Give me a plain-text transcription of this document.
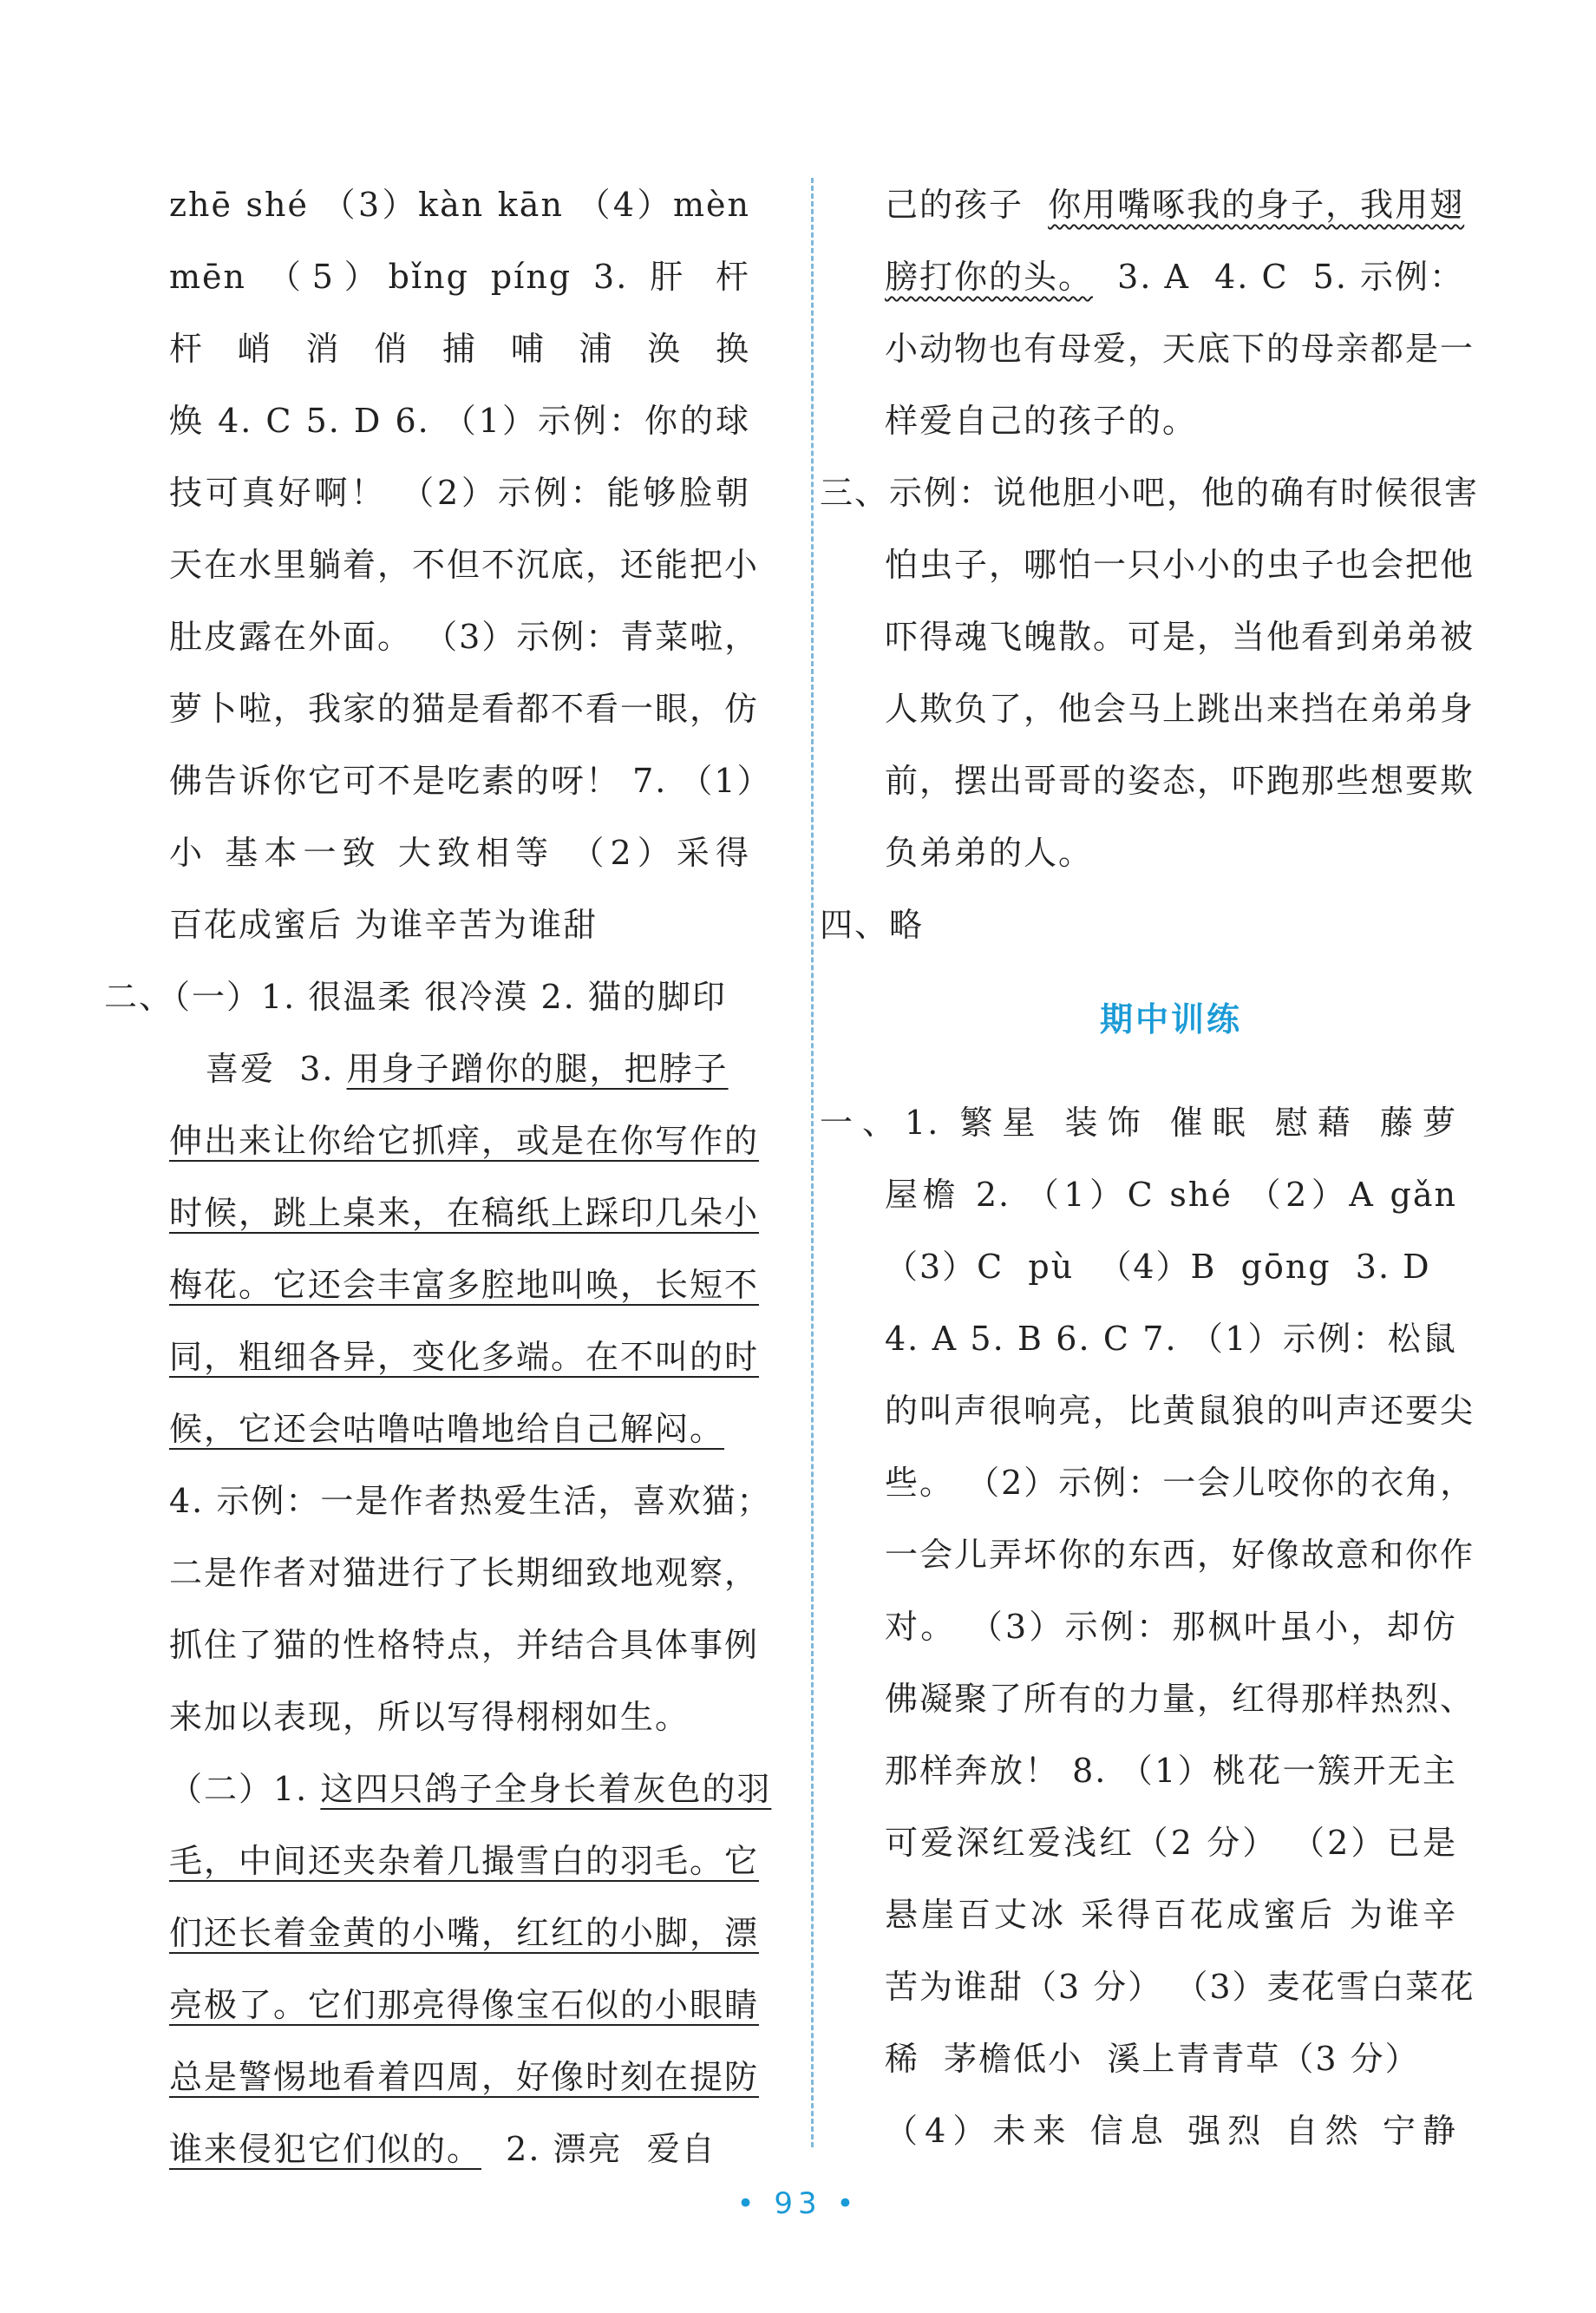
zhē shé （3）kàn kān （4）mèn
mēn （5）bǐng píng 3. 肝 杆
杆 峭 消 俏 捕 哺 浦 涣 换
焕 4. C 5. D 6. （1）示例：你的球
技可真好啊！ （2）示例：能够脸朝
天在水里躺着，不但不沉底，还能把小
肚皮露在外面。 （3）示例：青菜啦，
萝卜啦，我家的猫是看都不看一眼，仿
佛告诉你它可不是吃素的呀！ 7. （1）
小 基本一致 大致相等 （2）采得
百花成蜜后 为谁辛苦为谁甜
二、（一）1. 很温柔 很冷漠 2. 猫的脚印
喜爱 3. 用身子蹭你的腿，把脖子
伸出来让你给它抓痒，或是在你写作的
时候，跳上桌来，在稿纸上踩印几朵小
梅花。它还会丰富多腔地叫唤，长短不
同，粗细各异，变化多端。在不叫的时
候，它还会咕噜咕噜地给自己解闷。
4. 示例：一是作者热爱生活，喜欢猫；
二是作者对猫进行了长期细致地观察，
抓住了猫的性格特点，并结合具体事例
来加以表现，所以写得栩栩如生。
（二）1. 这四只鸽子全身长着灰色的羽
毛，中间还夹杂着几撮雪白的羽毛。它
们还长着金黄的小嘴，红红的小脚，漂
亮极了。它们那亮得像宝石似的小眼睛
总是警惕地看着四周，好像时刻在提防
谁来侵犯它们似的。  2. 漂亮  爱自
己的孩子  你用嘴啄我的身子，我用翅
膀打你的头。  3. A  4. C  5. 示例：
小动物也有母爱，天底下的母亲都是一
样爱自己的孩子的。
三、示例：说他胆小吧，他的确有时候很害
怕虫子，哪怕一只小小的虫子也会把他
吓得魂飞魄散。可是，当他看到弟弟被
人欺负了，他会马上跳出来挡在弟弟身
前，摆出哥哥的姿态，吓跑那些想要欺
负弟弟的人。
四、略
期中训练
一、1. 繁星 装饰 催眠 慰藉 藤萝
屋檐 2. （1）C shé （2）A gǎn
（3）C  pù  （4）B  gōng  3. D
4. A 5. B 6. C 7. （1）示例：松鼠
的叫声很响亮，比黄鼠狼的叫声还要尖
些。 （2）示例：一会儿咬你的衣角，
一会儿弄坏你的东西，好像故意和你作
对。 （3）示例：那枫叶虽小，却仿
佛凝聚了所有的力量，红得那样热烈、
那样奔放！ 8. （1）桃花一簇开无主
可爱深红爱浅红（2 分） （2）已是
悬崖百丈冰 采得百花成蜜后 为谁辛
苦为谁甜（3 分） （3）麦花雪白菜花
稀  茅檐低小  溪上青青草（3 分）
（4）未来 信息 强烈 自然 宁静
• 93 •
